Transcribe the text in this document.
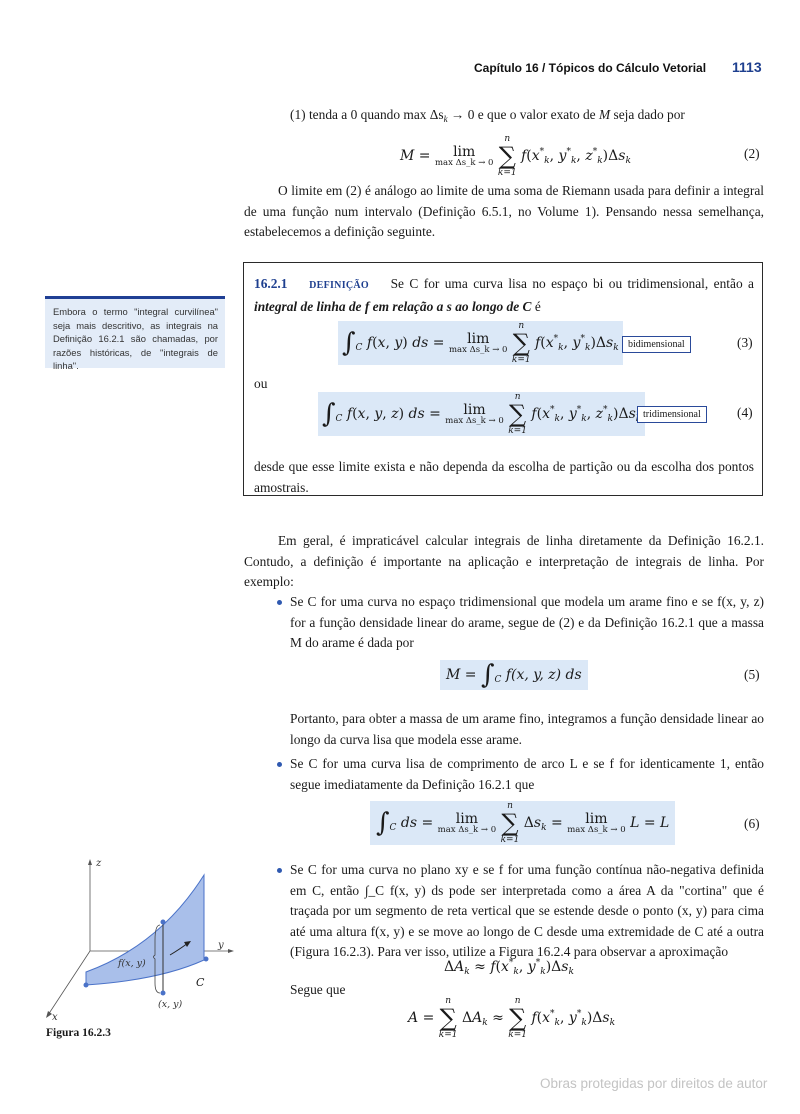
Capítulo 16 / Tópicos do Cálculo Vetorial 1113
(1) tenda a 0 quando $\max \Delta s_k \to 0$ e que o valor exato de M seja dado por
M =	lim
max Δs_k → 0

n
∑
k=1
$f(x^*_k$, $y^*_k$, $z^*_k)\Delta s_k$	(2)
O limite em (2) é análogo ao limite de uma soma de Riemann usada para definir a integral de uma função num intervalo (Definição 6.5.1, no Volume 1). Pensando nessa semelhança, estabelecemos a definição seguinte.
Embora o termo "integral curvilínea" seja mais descritivo, as integrais na Definição 16.2.1 são chamadas, por razões históricas, de "integrais de linha".
16.2.1 DEFINIÇÃO Se C for uma curva lisa no espaço bi ou tridimensional, então a integral de linha de f em relação a s ao longo de C é
$\int_C$ f(x, y) ds =	lim
max Δs_k → 0

n
∑
k=1
$f(x^*_k$, $y^*_k)\Delta s_k$ bidimensional	(3)
ou
$\int_C$ f(x, y, z) ds =	lim
max Δs_k → 0

n
∑
k=1
$f(x^*_k$, $y^*_k$, $z^*_k)\Delta s$ tridimensional	(4)
desde que esse limite exista e não dependa da escolha de partição ou da escolha dos pontos amostrais.
Em geral, é impraticável calcular integrais de linha diretamente da Definição 16.2.1. Contudo, a definição é importante na aplicação e interpretação de integrais de linha. Por exemplo:
Se C for uma curva no espaço tridimensional que modela um arame fino e se f(x, y, z) for a função densidade linear do arame, segue de (2) e da Definição 16.2.1 que a massa M do arame é dada por
$M = \int_C$ f(x, y, z) ds	(5)
Portanto, para obter a massa de um arame fino, integramos a função densidade linear ao longo da curva lisa que modela esse arame.
Se C for uma curva lisa de comprimento de arco L e se f for identicamente 1, então segue imediatamente da Definição 16.2.1 que
$\int_C$ ds =	lim
max Δs_k → 0

n
∑
k=1
$\Delta s_k$ =	lim
max Δs_k → 0 L = L	(6)
Se C for uma curva no plano xy e se f for uma função contínua não-negativa definida em C, então ∫_C f(x, y) ds pode ser interpretada como a área A da "cortina" que é traçada por um segmento de reta vertical que se estende desde o ponto (x, y) para cima até uma altura f(x, y) e se move ao longo de C desde uma extremidade de C até a outra (Figura 16.2.3). Para ver isso, utilize a Figura 16.2.4 para observar a aproximação
$\Delta A_k \approx f(x^*_k$, $y^*_k)\Delta s_k$
Segue que
A =
n
∑
k=1
$\Delta A_k$ ≈
n
∑
k=1
$f(x^*_k$, $y^*_k)\Delta s_k$
z
y
x
f(x, y)
(x, y)
C
Figura 16.2.3
Obras protegidas por direitos de autor
